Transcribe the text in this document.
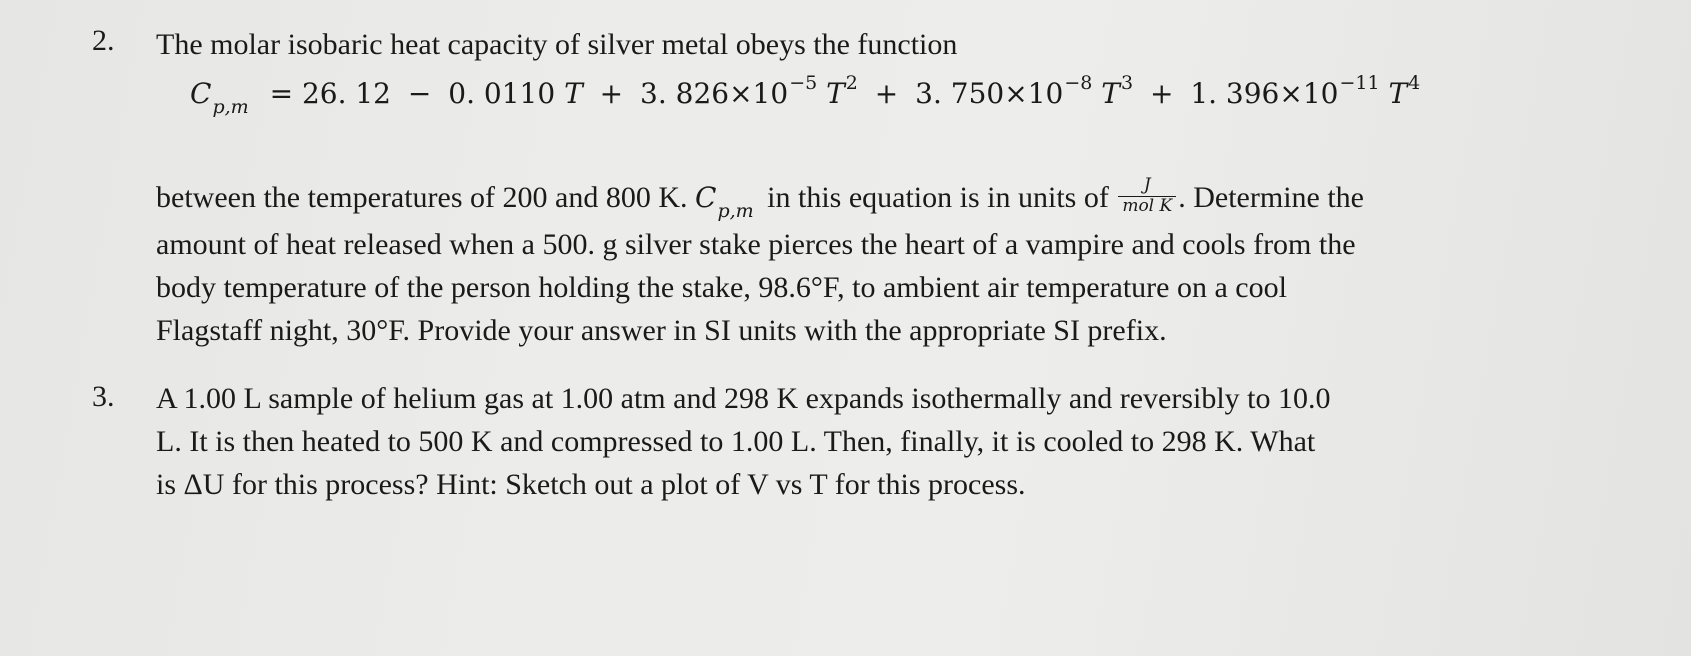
2. The molar isobaric heat capacity of silver metal obeys the function
$C_{p,m} = 26$. 12 − 0. 0110 T + 3. $826\times 10^{-5}$ $T^2 + 3$. $750\times 10^{-8}$ $T^3 + 1$. $396\times 10^{-11}$ $T^4$
between the temperatures of 200 and 800 K. $C_{p,m}$ in this equation is in units of $\frac{J}{\text{mol K}}$ . Determine the
amount of heat released when a 500. g silver stake pierces the heart of a vampire and cools from the
body temperature of the person holding the stake, 98.6°F, to ambient air temperature on a cool
Flagstaff night, 30°F. Provide your answer in SI units with the appropriate SI prefix.
3. A 1.00 L sample of helium gas at 1.00 atm and 298 K expands isothermally and reversibly to 10.0
L. It is then heated to 500 K and compressed to 1.00 L. Then, finally, it is cooled to 298 K. What
is ΔU for this process? Hint: Sketch out a plot of V vs T for this process.
